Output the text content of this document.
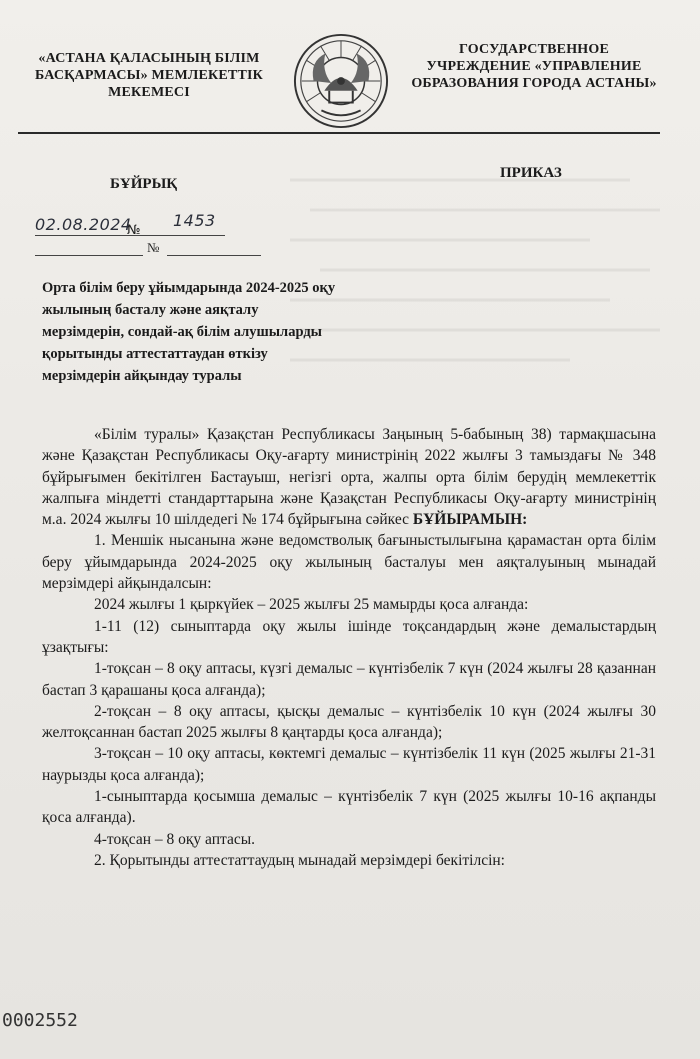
«АСТАНА ҚАЛАСЫНЫҢ БІЛІМ БАСҚАРМАСЫ» МЕМЛЕКЕТТІК МЕКЕМЕСІ
ГОСУДАРСТВЕННОЕ УЧРЕЖДЕНИЕ «УПРАВЛЕНИЕ ОБРАЗОВАНИЯ ГОРОДА АСТАНЫ»
БҰЙРЫҚ
ПРИКАЗ
02.08.2024
№
1453
№
Орта білім беру ұйымдарында 2024-2025 оқу жылының басталу және аяқталу мерзімдерін, сондай-ақ білім алушыларды қорытынды аттестаттаудан өткізу мерзімдерін айқындау туралы

«Білім туралы» Қазақстан Республикасы Заңының 5-бабының 38) тармақшасына және Қазақстан Республикасы Оқу-ағарту министрінің 2022 жылғы 3 тамыздағы № 348 бұйрығымен бекітілген Бастауыш, негізгі орта, жалпы орта білім берудің мемлекеттік жалпыға міндетті стандарттарына және Қазақстан Республикасы Оқу-ағарту министрінің м.а. 2024 жылғы 10 шілдедегі № 174 бұйрығына сәйкес БҰЙЫРАМЫН:

1. Меншік нысанына және ведомстволық бағыныстылығына қарамастан орта білім беру ұйымдарында 2024-2025 оқу жылының басталуы мен аяқталуының мынадай мерзімдері айқындалсын:

2024 жылғы 1 қыркүйек – 2025 жылғы 25 мамырды қоса алғанда:

1-11 (12) сыныптарда оқу жылы ішінде тоқсандардың және демалыстардың ұзақтығы:

1-тоқсан – 8 оқу аптасы, күзгі демалыс – күнтізбелік 7 күн (2024 жылғы 28 қазаннан бастап 3 қарашаны қоса алғанда);

2-тоқсан – 8 оқу аптасы, қысқы демалыс – күнтізбелік 10 күн (2024 жылғы 30 желтоқсаннан бастап 2025 жылғы 8 қаңтарды қоса алғанда);

3-тоқсан – 10 оқу аптасы, көктемгі демалыс – күнтізбелік 11 күн (2025 жылғы 21-31 наурызды қоса алғанда);

1-сыныптарда қосымша демалыс – күнтізбелік 7 күн (2025 жылғы 10-16 ақпанды қоса алғанда).

4-тоқсан – 8 оқу аптасы.

2. Қорытынды аттестаттаудың мынадай мерзімдері бекітілсін:

0002552
